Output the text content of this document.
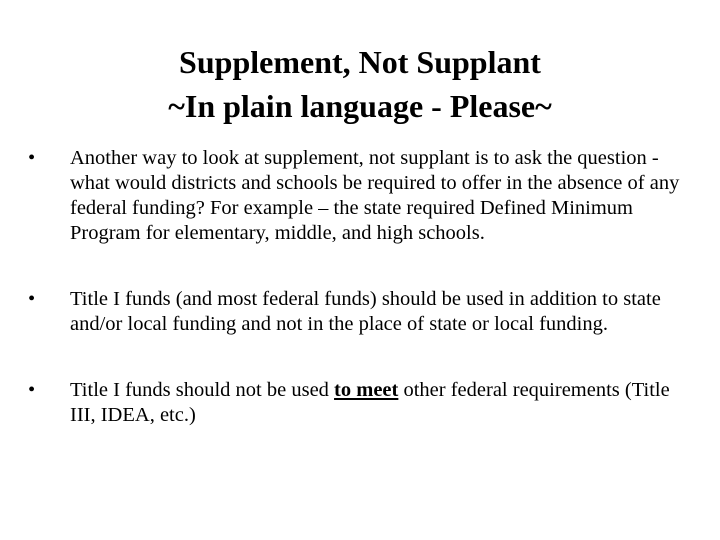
Supplement, Not Supplant
~In plain language - Please~
•	Another way to look at supplement, not supplant is to ask the question - what would districts and schools be required to offer in the absence of any federal funding? For example – the state required Defined Minimum Program for elementary, middle, and high schools.
•	Title I funds (and most federal funds) should be used in addition to state and/or local funding and not in the place of state or local funding.
•	Title I funds should not be used to meet other federal requirements (Title III, IDEA, etc.)
